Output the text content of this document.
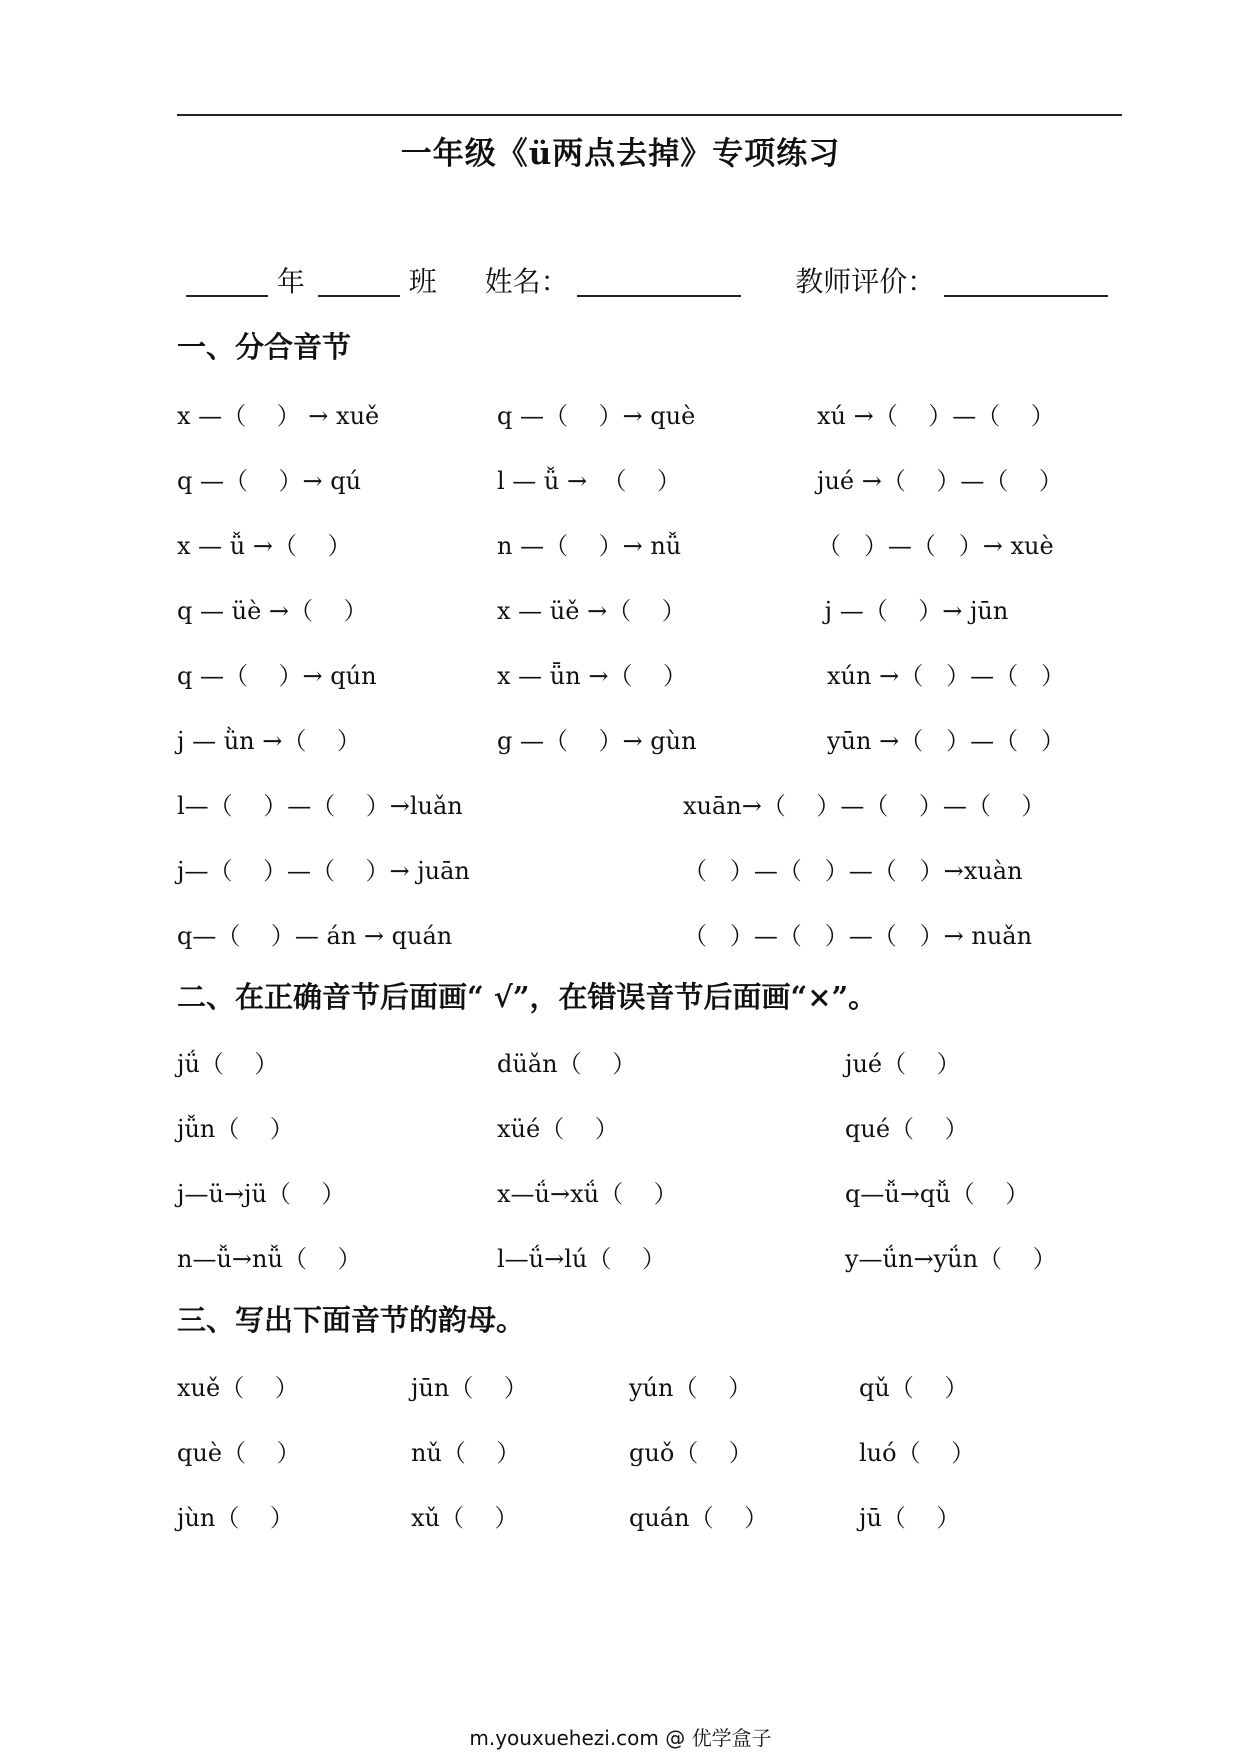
一年级《ü两点去掉》专项练习
年	班 姓名：	教师评价：
一、分合音节
x —（    ） → xuě	q —（    ）→ què	xú →（    ）—（    ）
q —（    ）→ qú	l — ǚ →  （    ）	jué →（    ）—（    ）
x — ǚ →（    ）	n —（    ）→ nǚ	（   ）—（   ）→ xuè
q — üè →（    ）	x — üě →（    ）	j —（    ）→ jūn
q —（    ）→ qún	x — ǖn →（    ）	xún →（   ）—（   ）
j — ǜn →（    ）	g —（    ）→ gùn	yūn →（   ）—（   ）
l—（    ）—（    ）→luǎn	xuān→（    ）—（    ）—（    ）
j—（    ）—（    ）→ juān	（   ）—（   ）—（   ）→xuàn
q—（    ）— án → quán	（   ）—（   ）—（   ）→ nuǎn
二、在正确音节后面画“ √”，在错误音节后面画“×”。
jǘ（    ）	düǎn（    ）	jué（    ）
jǚn（    ）	xüé（    ）	qué（    ）
j—ü→jü（    ）	x—ǘ→xǘ（    ）	q—ǚ→qǚ（    ）
n—ǚ→nǚ（    ）	l—ǘ→lú（    ）	y—ǘn→yǘn（    ）
三、写出下面音节的韵母。
xuě（    ）	jūn（    ）	yún（    ）	qǔ（    ）
què（    ）	nǔ（    ）	guǒ（    ）	luó（    ）
jùn（    ）	xǔ（    ）	quán（    ）	jū（    ）
m.youxuehezi.com @ 优学盒子
